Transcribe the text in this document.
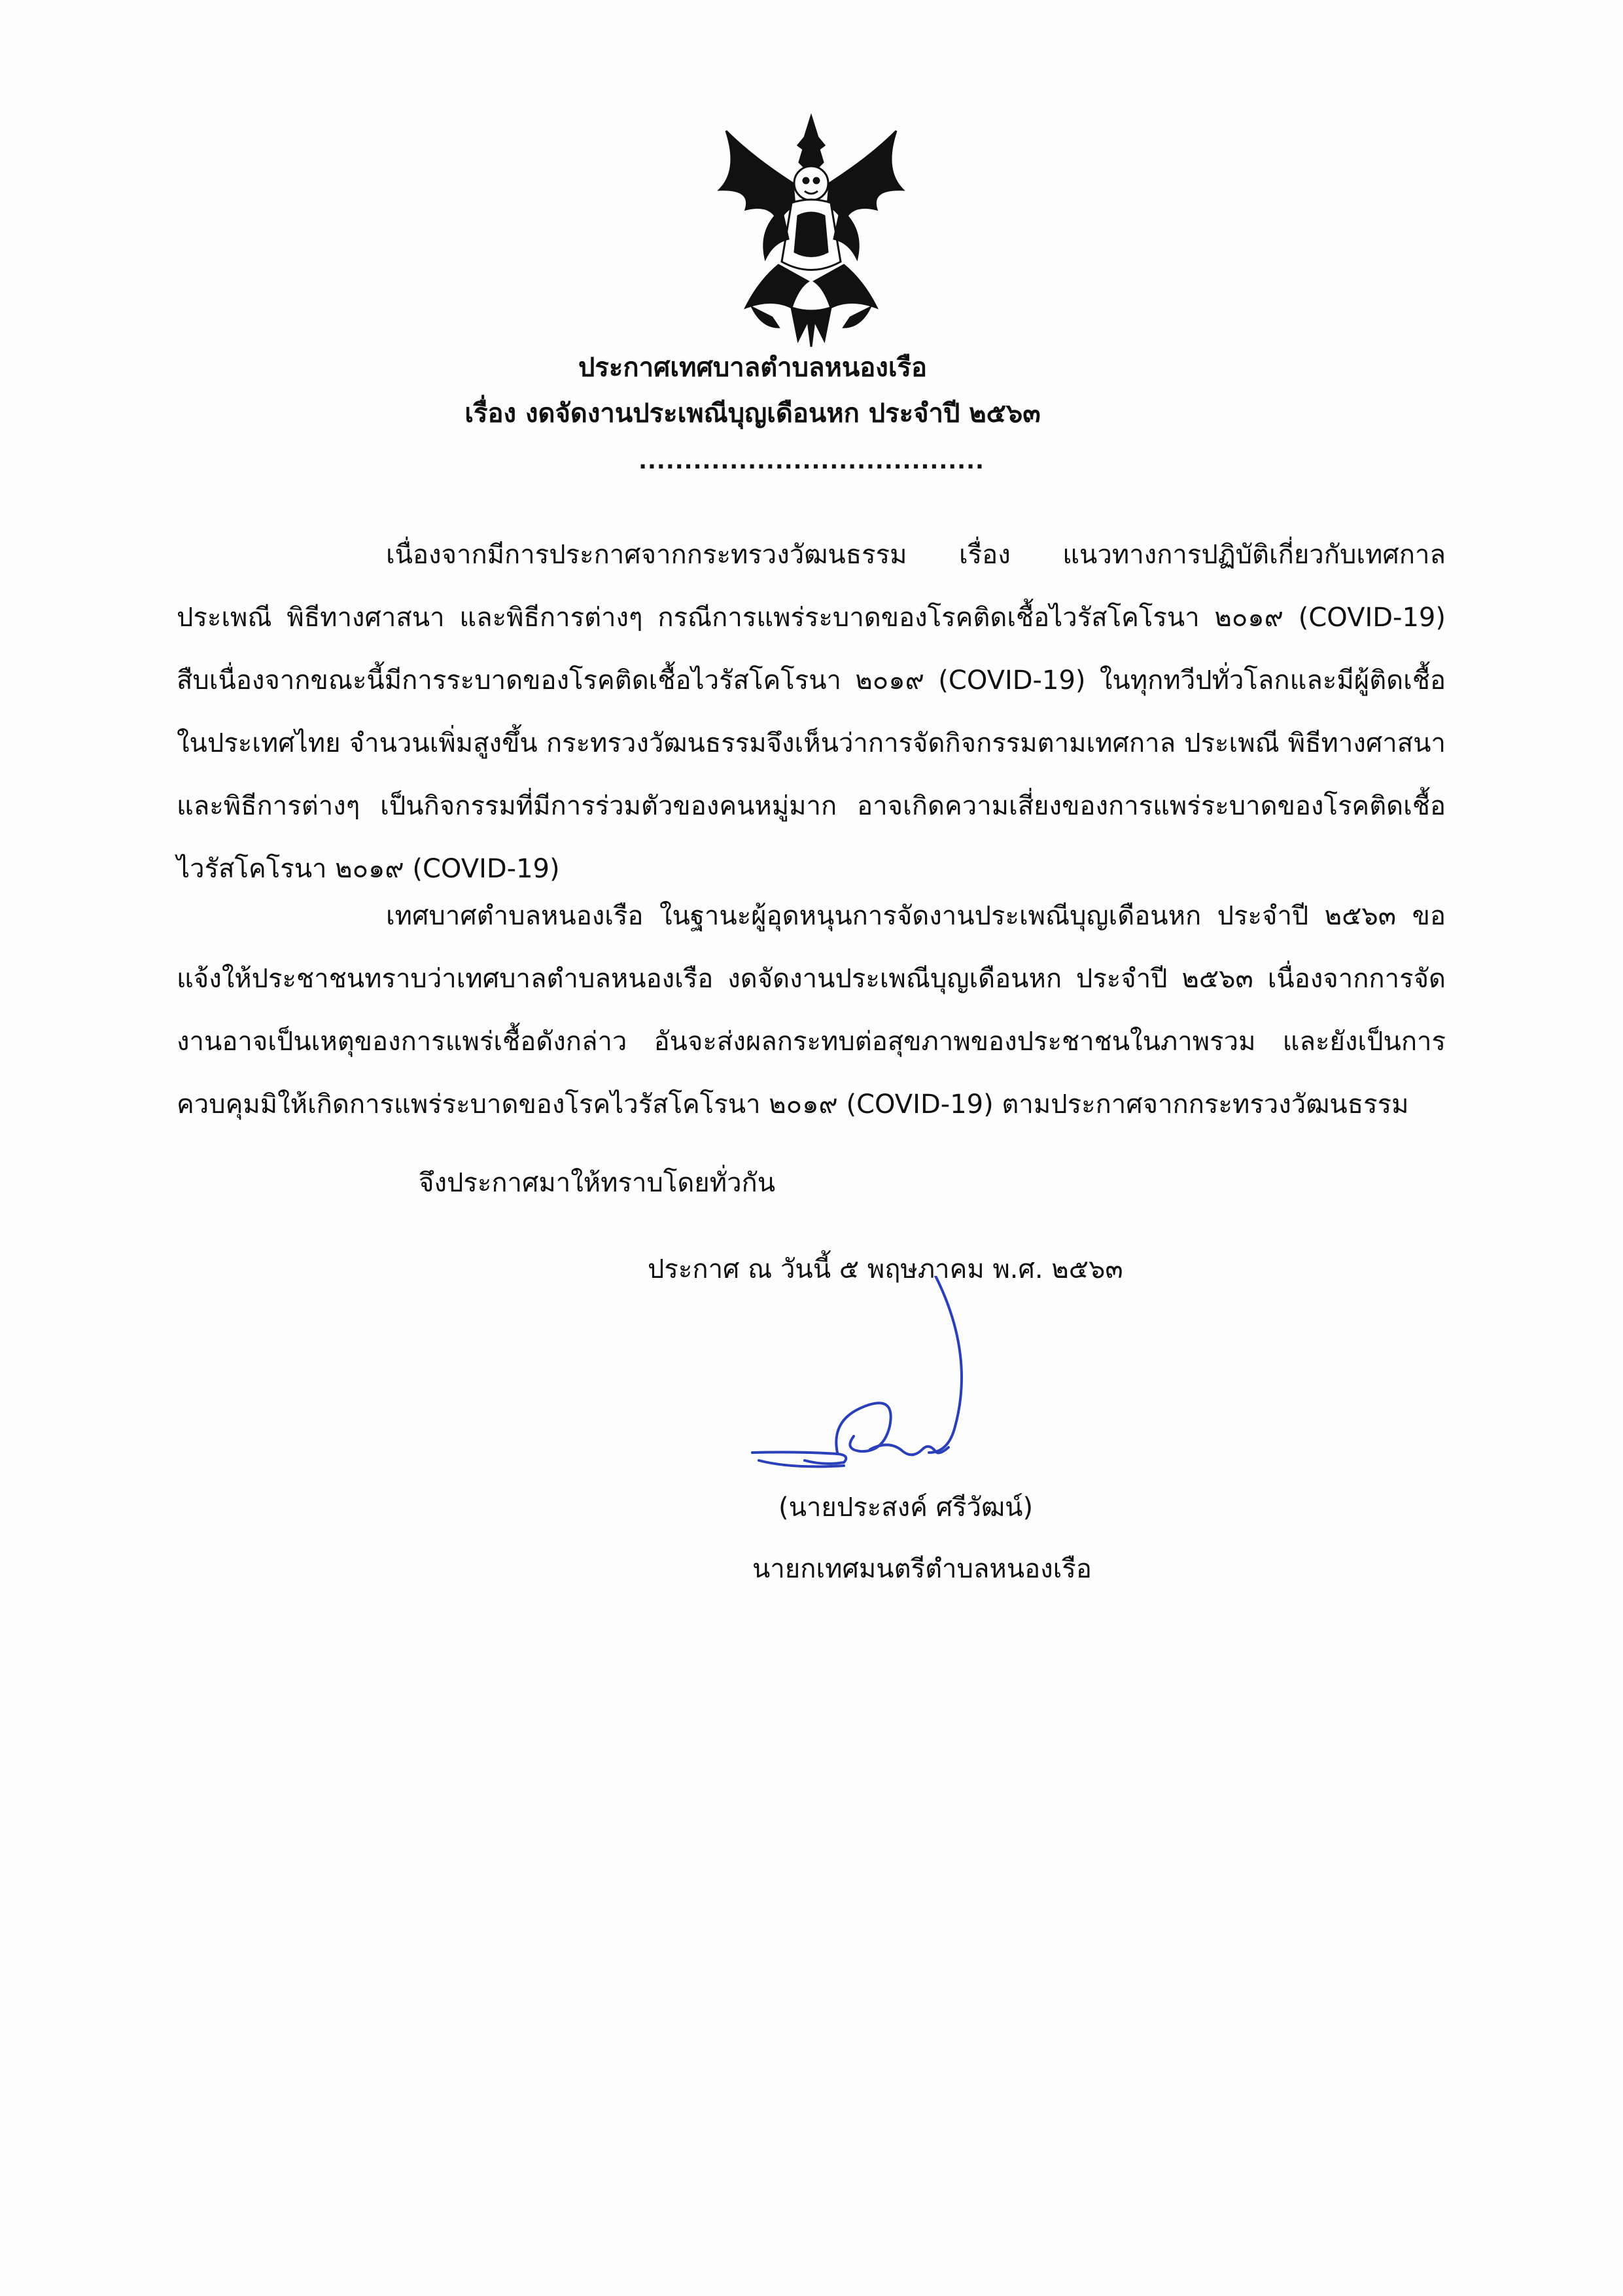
ประกาศเทศบาลตำบลหนองเรือ
เรื่อง งดจัดงานประเพณีบุญเดือนหก ประจำปี ๒๕๖๓
......................................

เนื่องจากมีการประกาศจากกระทรวงวัฒนธรรม เรื่อง แนวทางการปฏิบัติเกี่ยวกับเทศกาล ประเพณี พิธีทางศาสนา และพิธีการต่างๆ กรณีการแพร่ระบาดของโรคติดเชื้อไวรัสโคโรนา ๒๐๑๙ (COVID-19) สืบเนื่องจากขณะนี้มีการระบาดของโรคติดเชื้อไวรัสโคโรนา ๒๐๑๙ (COVID-19) ในทุกทวีปทั่วโลกและมีผู้ติดเชื้อในประเทศไทย จำนวนเพิ่มสูงขึ้น กระทรวงวัฒนธรรมจึงเห็นว่าการจัดกิจกรรมตามเทศกาล ประเพณี พิธีทางศาสนา และพิธีการต่างๆ เป็นกิจกรรมที่มีการร่วมตัวของคนหมู่มาก อาจเกิดความเสี่ยงของการแพร่ระบาดของโรคติดเชื้อไวรัสโคโรนา ๒๐๑๙ (COVID-19)

เทศบาศตำบลหนองเรือ ในฐานะผู้อุดหนุนการจัดงานประเพณีบุญเดือนหก ประจำปี ๒๕๖๓ ขอแจ้งให้ประชาชนทราบว่าเทศบาลตำบลหนองเรือ งดจัดงานประเพณีบุญเดือนหก ประจำปี ๒๕๖๓ เนื่องจากการจัดงานอาจเป็นเหตุของการแพร่เชื้อดังกล่าว อันจะส่งผลกระทบต่อสุขภาพของประชาชนในภาพรวม และยังเป็นการควบคุมมิให้เกิดการแพร่ระบาดของโรคไวรัสโคโรนา ๒๐๑๙ (COVID-19) ตามประกาศจากกระทรวงวัฒนธรรม

จึงประกาศมาให้ทราบโดยทั่วกัน
ประกาศ ณ วันนี้ ๕ พฤษภาคม พ.ศ. ๒๕๖๓
(นายประสงค์ ศรีวัฒน์)
นายกเทศมนตรีตำบลหนองเรือ
